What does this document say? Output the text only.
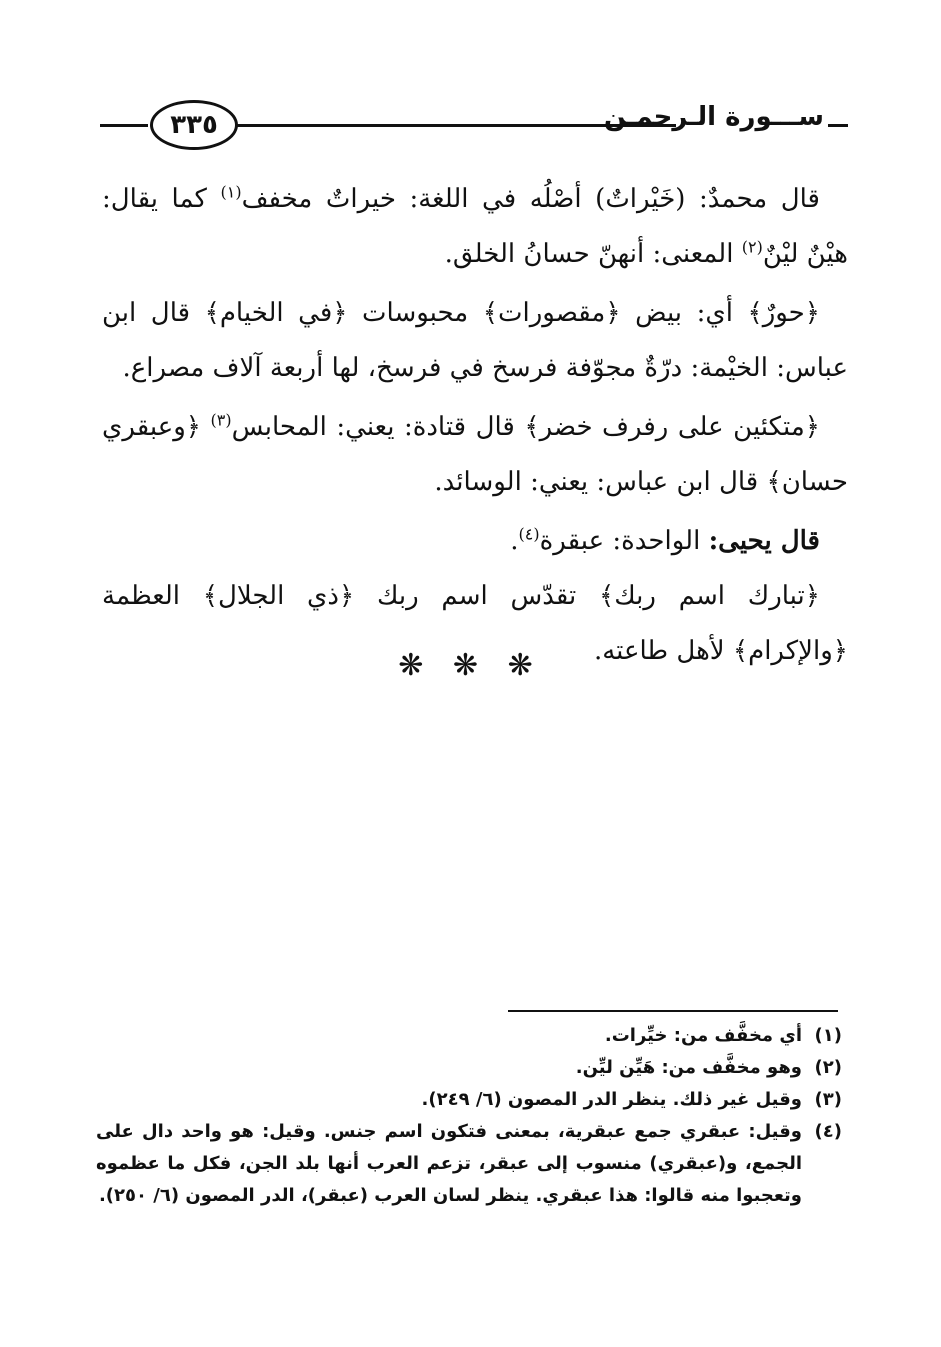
٣٣٥	ســـورة الـرحمـن

قال محمدٌ: (خَيْراتٌ) أصْلُه في اللغة: خيراتٌ مخفف$^{(١)}$ كما يقال: هيْنٌ ليْنٌ$^{(٢)}$ المعنى: أنهنّ حسانُ الخلق.

﴿حورٌ﴾ أي: بيض ﴿مقصورات﴾ محبوسات ﴿في الخيام﴾ قال ابن عباس: الخيْمة: درّةٌ مجوّفة فرسخ في فرسخ، لها أربعة آلاف مصراع.

﴿متكئين على رفرف خضر﴾ قال قتادة: يعني: المحابس$^{(٣)}$ ﴿وعبقري حسان﴾ قال ابن عباس: يعني: الوسائد.

قال يحيى: الواحدة: عبقرة$^{(٤)}$.

﴿تبارك اسم ربك﴾ تقدّس اسم ربك ﴿ذي الجلال﴾ العظمة ﴿والإكرام﴾ لأهل طاعته.

❋ ❋ ❋
(١)
أي مخفَّف من: خيِّرات.
(٢)
وهو مخفَّف من: هَيِّن ليِّن.
(٣)
وقيل غير ذلك. ينظر الدر المصون (٦/ ٢٤٩).
(٤)
وقيل: عبقري جمع عبقرية، بمعنى فتكون اسم جنس. وقيل: هو واحد دال على الجمع، و(عبقري) منسوب إلى عبقر، تزعم العرب أنها بلد الجن، فكل ما عظموه وتعجبوا منه قالوا: هذا عبقري. ينظر لسان العرب (عبقر)، الدر المصون (٦/ ٢٥٠).
